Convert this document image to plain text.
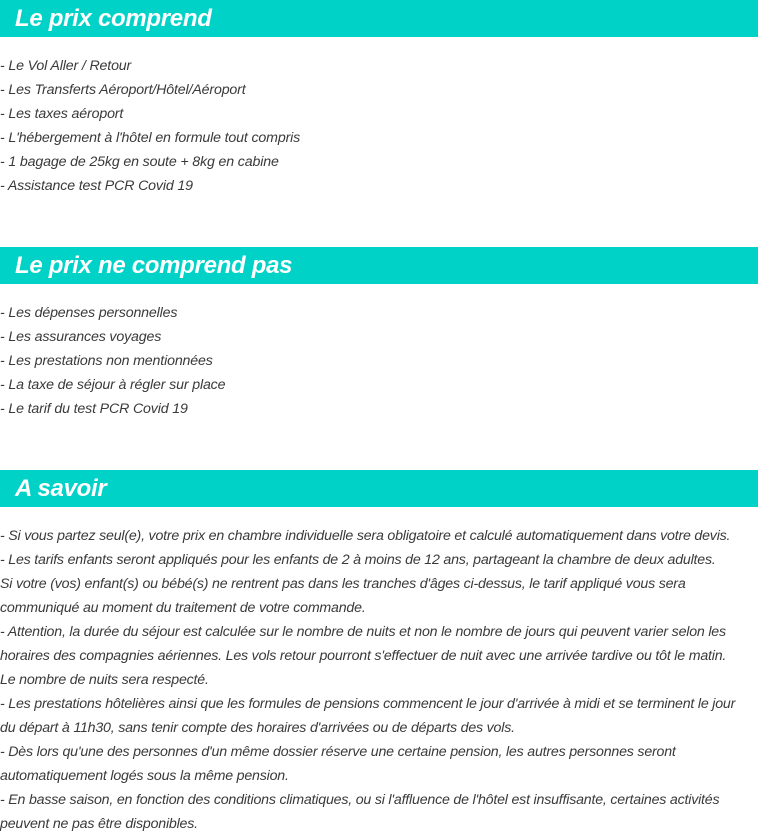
Le prix comprend
- Le Vol Aller / Retour
- Les Transferts Aéroport/Hôtel/Aéroport
- Les taxes aéroport
- L'hébergement à l'hôtel en formule tout compris
- 1 bagage de 25kg en soute + 8kg en cabine
- Assistance test PCR Covid 19
Le prix ne comprend pas
- Les dépenses personnelles
- Les assurances voyages
- Les prestations non mentionnées
- La taxe de séjour à régler sur place
- Le tarif du test PCR Covid 19
A savoir
- Si vous partez seul(e), votre prix en chambre individuelle sera obligatoire et calculé automatiquement dans votre devis.
- Les tarifs enfants seront appliqués pour les enfants de 2 à moins de 12 ans, partageant la chambre de deux adultes.
Si votre (vos) enfant(s) ou bébé(s) ne rentrent pas dans les tranches d'âges ci-dessus, le tarif appliqué vous sera
communiqué au moment du traitement de votre commande.
- Attention, la durée du séjour est calculée sur le nombre de nuits et non le nombre de jours qui peuvent varier selon les
horaires des compagnies aériennes. Les vols retour pourront s'effectuer de nuit avec une arrivée tardive ou tôt le matin.
Le nombre de nuits sera respecté.
- Les prestations hôtelières ainsi que les formules de pensions commencent le jour d'arrivée à midi et se terminent le jour
du départ à 11h30, sans tenir compte des horaires d'arrivées ou de départs des vols.
- Dès lors qu'une des personnes d'un même dossier réserve une certaine pension, les autres personnes seront
automatiquement logés sous la même pension.
- En basse saison, en fonction des conditions climatiques, ou si l'affluence de l'hôtel est insuffisante, certaines activités
peuvent ne pas être disponibles.
